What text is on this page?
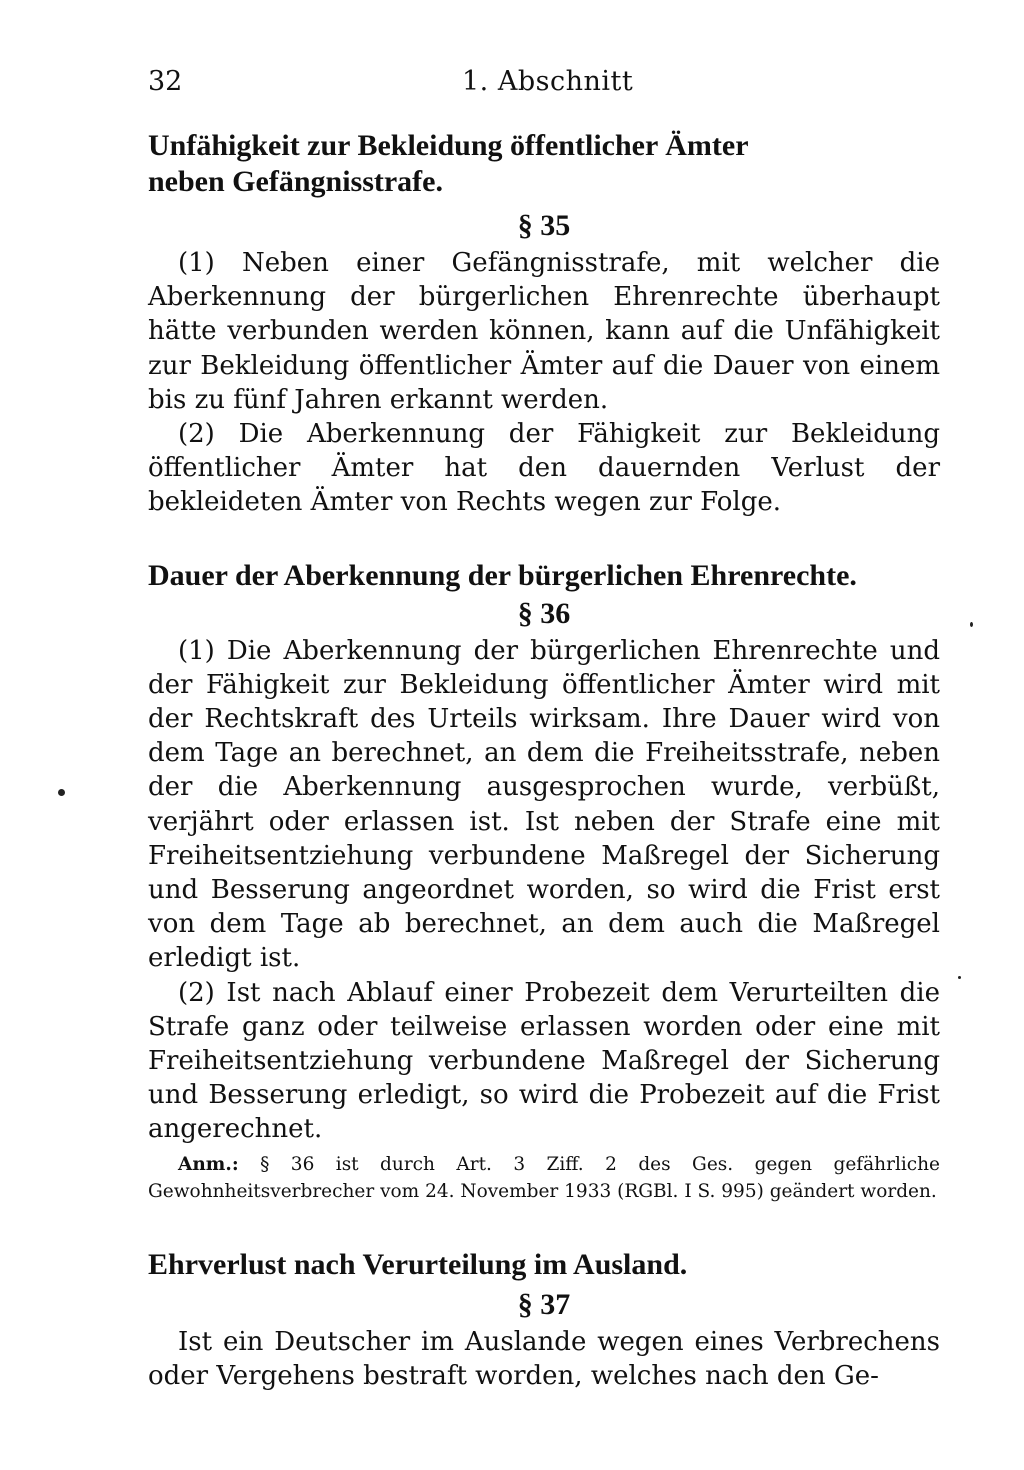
32	1. Abschnitt
Unfähigkeit zur Bekleidung öffentlicher Ämter
neben Gefängnisstrafe.
§ 35

(1) Neben einer Gefängnisstrafe, mit welcher die Aberkennung der bürgerlichen Ehrenrechte überhaupt hätte verbunden werden können, kann auf die Unfähigkeit zur Bekleidung öffentlicher Ämter auf die Dauer von einem bis zu fünf Jahren erkannt werden.

(2) Die Aberkennung der Fähigkeit zur Bekleidung öffentlicher Ämter hat den dauernden Verlust der bekleideten Ämter von Rechts wegen zur Folge.

Dauer der Aberkennung der bürgerlichen Ehrenrechte.
§ 36

(1) Die Aberkennung der bürgerlichen Ehrenrechte und der Fähigkeit zur Bekleidung öffentlicher Ämter wird mit der Rechtskraft des Urteils wirksam. Ihre Dauer wird von dem Tage an berechnet, an dem die Freiheitsstrafe, neben der die Aberkennung ausgesprochen wurde, verbüßt, verjährt oder erlassen ist. Ist neben der Strafe eine mit Freiheitsentziehung verbundene Maßregel der Sicherung und Besserung angeordnet worden, so wird die Frist erst von dem Tage ab berechnet, an dem auch die Maßregel erledigt ist.

(2) Ist nach Ablauf einer Probezeit dem Verurteilten die Strafe ganz oder teilweise erlassen worden oder eine mit Freiheitsentziehung verbundene Maßregel der Sicherung und Besserung erledigt, so wird die Probezeit auf die Frist angerechnet.

Anm.: § 36 ist durch Art. 3 Ziff. 2 des Ges. gegen gefährliche Gewohnheitsverbrecher vom 24. November 1933 (RGBl. I S. 995) geändert worden.

Ehrverlust nach Verurteilung im Ausland.
§ 37

Ist ein Deutscher im Auslande wegen eines Verbrechens oder Vergehens bestraft worden, welches nach den Ge-
